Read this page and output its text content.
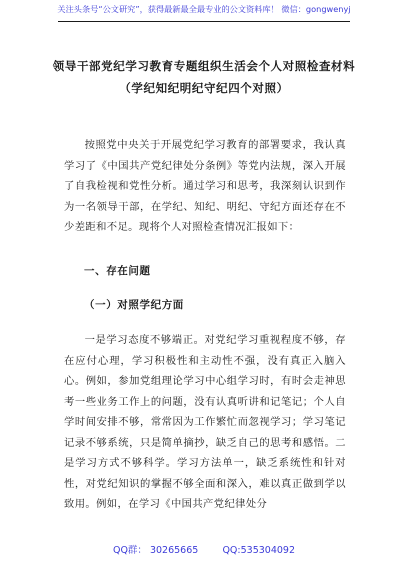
关注头条号“公文研究”，获得最新最全最专业的公文资料库！ 微信：gongwenyj
领导干部党纪学习教育专题组织生活会个人对照检查材料
（学纪知纪明纪守纪四个对照）

按照党中央关于开展党纪学习教育的部署要求，我认真学习了《中国共产党纪律处分条例》等党内法规，深入开展了自我检视和党性分析。通过学习和思考，我深刻认识到作为一名领导干部，在学纪、知纪、明纪、守纪方面还存在不少差距和不足。现将个人对照检查情况汇报如下：

一、存在问题
（一）对照学纪方面

一是学习态度不够端正。对党纪学习重视程度不够，存在应付心理，学习积极性和主动性不强，没有真正入脑入心。例如，参加党组理论学习中心组学习时，有时会走神思考一些业务工作上的问题，没有认真听讲和记笔记；个人自学时间安排不够，常常因为工作繁忙而忽视学习；学习笔记记录不够系统，只是简单摘抄，缺乏自己的思考和感悟。二是学习方式不够科学。学习方法单一，缺乏系统性和针对性，对党纪知识的掌握不够全面和深入，难以真正做到学以致用。例如，在学习《中国共产党纪律处分

QQ群： 30265665        QQ:535304092
